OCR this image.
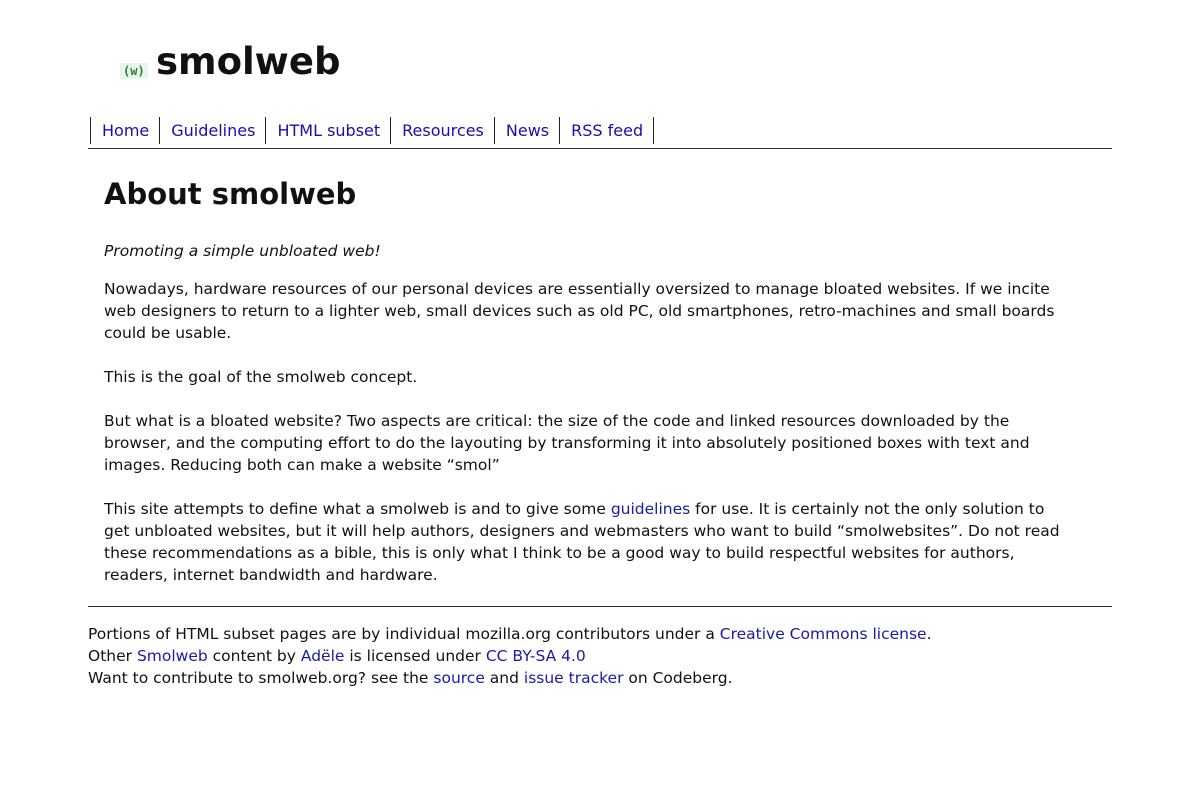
(w) smolweb
Home	Guidelines	HTML subset	Resources	News	RSS feed
About smolweb

Promoting a simple unbloated web!

Nowadays, hardware resources of our personal devices are essentially oversized to manage bloated websites. If we incite web designers to return to a lighter web, small devices such as old PC, old smartphones, retro-machines and small boards could be usable.

This is the goal of the smolweb concept.

But what is a bloated website? Two aspects are critical: the size of the code and linked resources downloaded by the browser, and the computing effort to do the layouting by transforming it into absolutely positioned boxes with text and images. Reducing both can make a website “smol”

This site attempts to define what a smolweb is and to give some guidelines for use. It is certainly not the only solution to get unbloated websites, but it will help authors, designers and webmasters who want to build “smolwebsites”. Do not read these recommendations as a bible, this is only what I think to be a good way to build respectful websites for authors, readers, internet bandwidth and hardware.

Portions of HTML subset pages are by individual mozilla.org contributors under a Creative Commons license.
Other Smolweb content by Adële is licensed under CC BY-SA 4.0
Want to contribute to smolweb.org? see the source and issue tracker on Codeberg.
